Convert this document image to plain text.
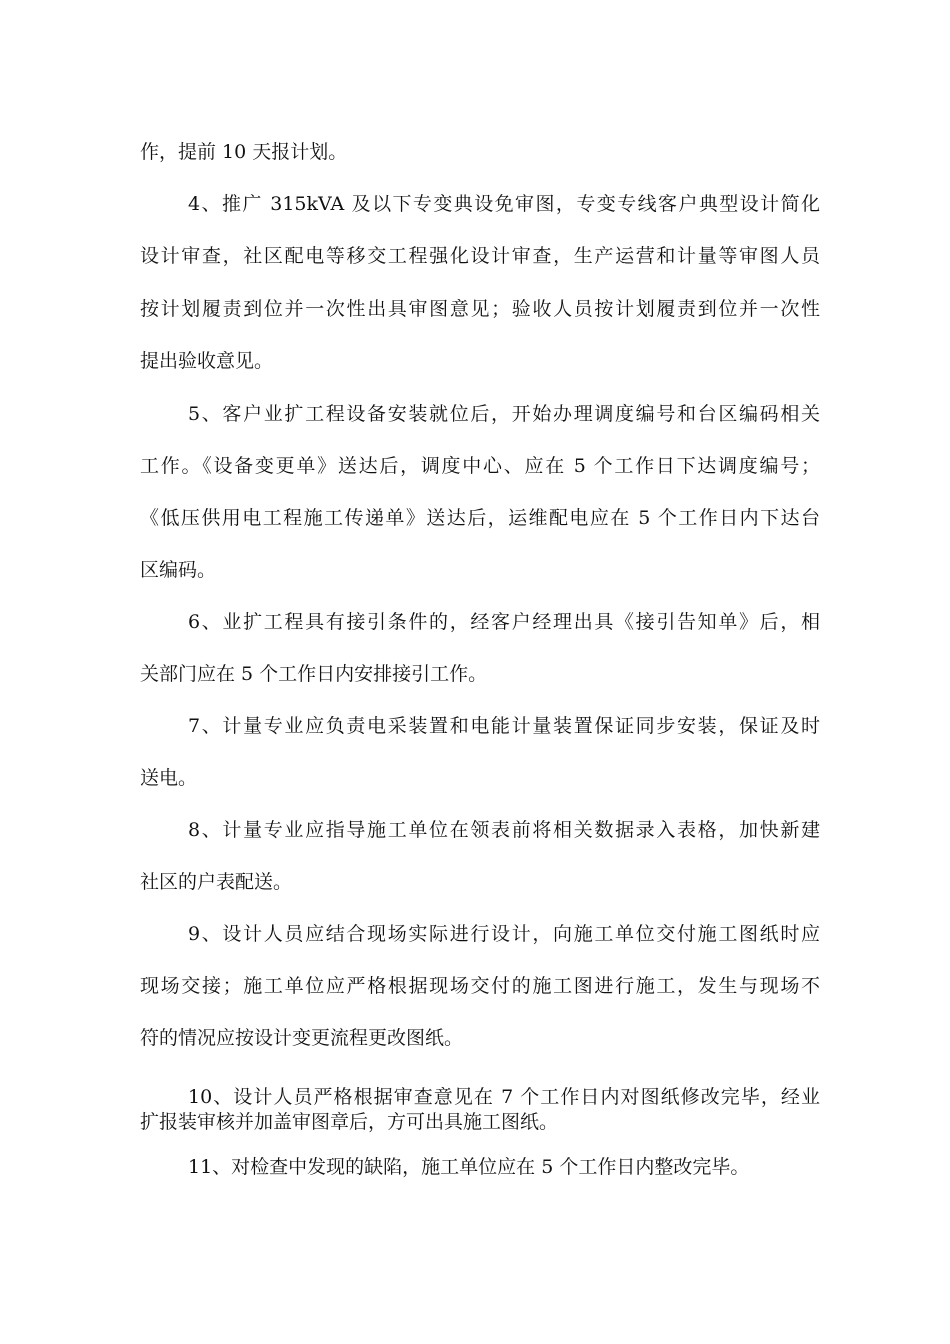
作，提前 10 天报计划。
4、推广 315kVA 及以下专变典设免审图，专变专线客户典型设计简化
设计审查，社区配电等移交工程强化设计审查，生产运营和计量等审图人员
按计划履责到位并一次性出具审图意见；验收人员按计划履责到位并一次性
提出验收意见。
5、客户业扩工程设备安装就位后，开始办理调度编号和台区编码相关
工作。《设备变更单》送达后，调度中心、应在 5 个工作日下达调度编号；
《低压供用电工程施工传递单》送达后，运维配电应在 5 个工作日内下达台
区编码。
6、业扩工程具有接引条件的，经客户经理出具《接引告知单》后，相
关部门应在 5 个工作日内安排接引工作。
7、计量专业应负责电采装置和电能计量装置保证同步安装，保证及时
送电。
8、计量专业应指导施工单位在领表前将相关数据录入表格，加快新建
社区的户表配送。
9、设计人员应结合现场实际进行设计，向施工单位交付施工图纸时应
现场交接；施工单位应严格根据现场交付的施工图进行施工，发生与现场不
符的情况应按设计变更流程更改图纸。
10、设计人员严格根据审查意见在 7 个工作日内对图纸修改完毕，经业
扩报装审核并加盖审图章后，方可出具施工图纸。
11、对检查中发现的缺陷，施工单位应在 5 个工作日内整改完毕。
